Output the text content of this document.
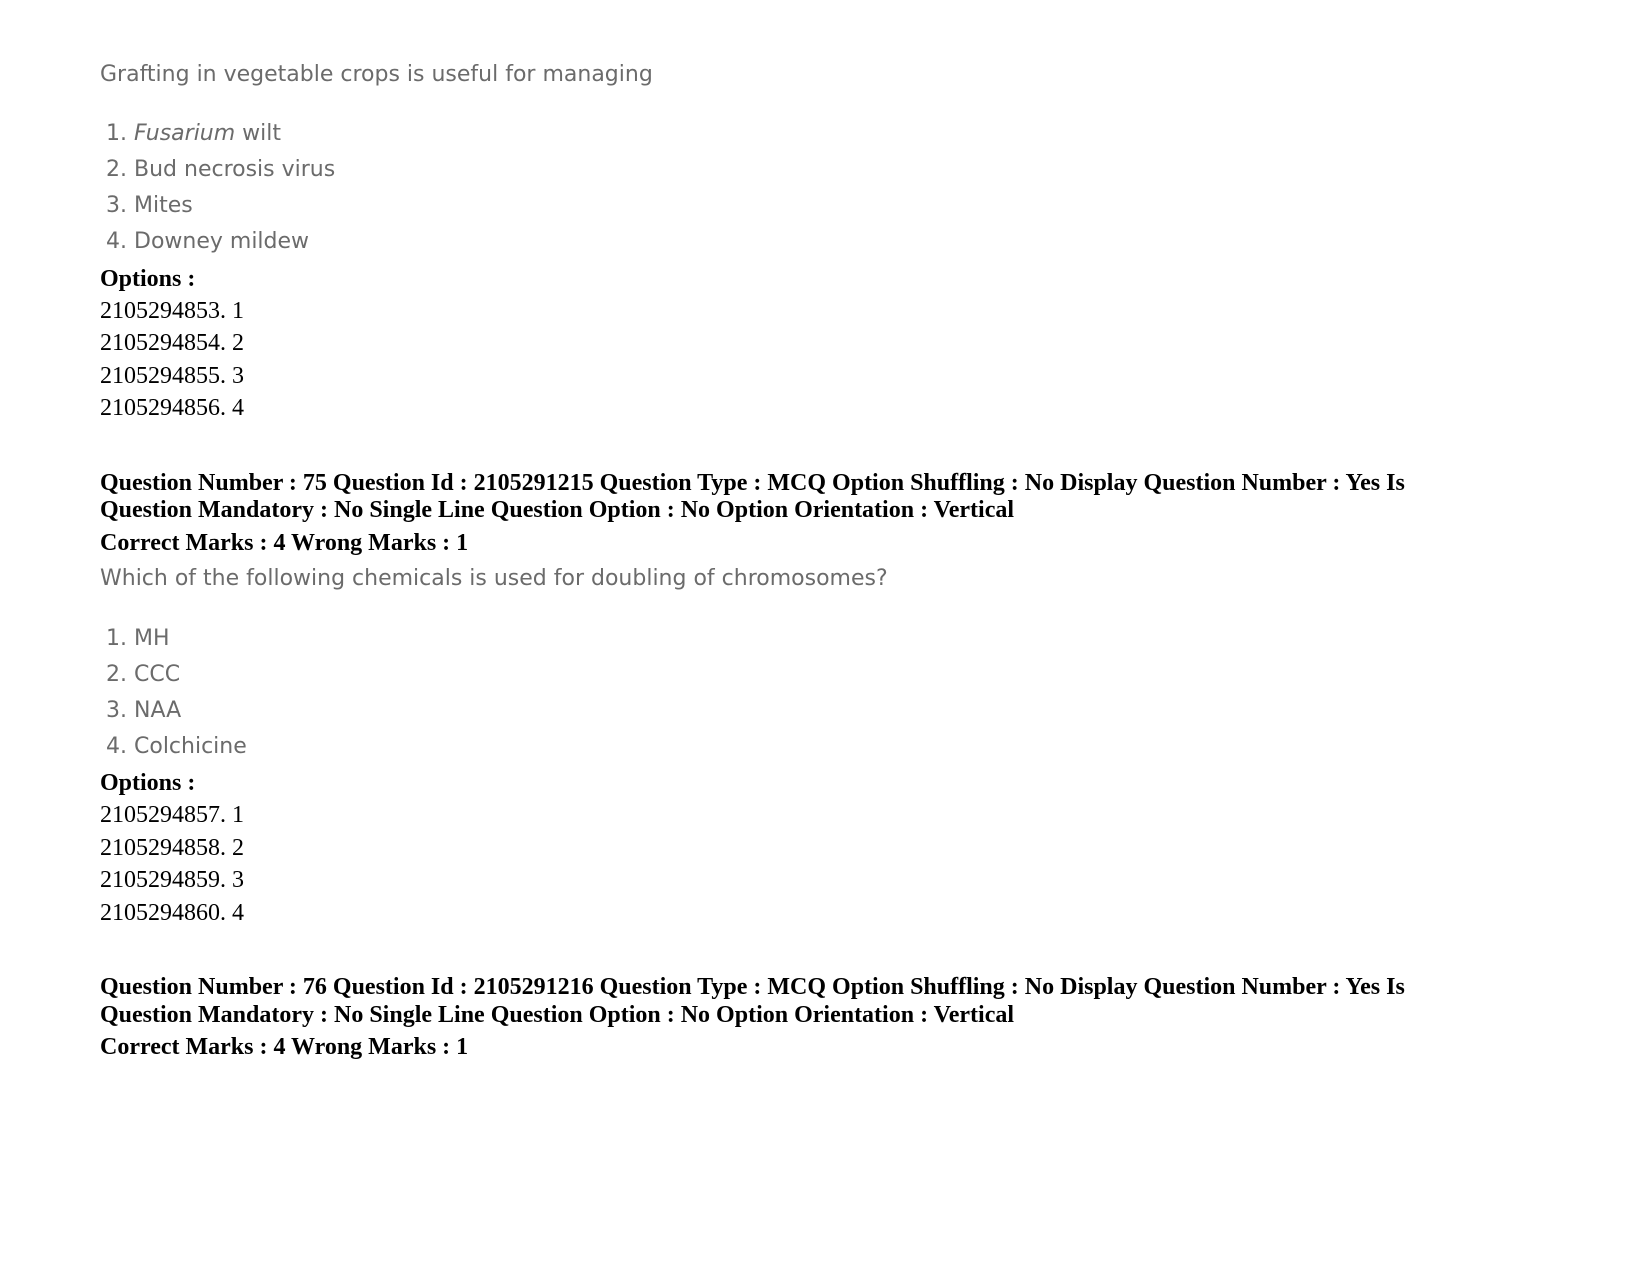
Grafting in vegetable crops is useful for managing
1. Fusarium wilt
2. Bud necrosis virus
3. Mites
4. Downey mildew
Options :
2105294853. 1
2105294854. 2
2105294855. 3
2105294856. 4
Question Number : 75 Question Id : 2105291215 Question Type : MCQ Option Shuffling : No Display Question Number : Yes Is
Question Mandatory : No Single Line Question Option : No Option Orientation : Vertical
Correct Marks : 4 Wrong Marks : 1
Which of the following chemicals is used for doubling of chromosomes?
1. MH
2. CCC
3. NAA
4. Colchicine
Options :
2105294857. 1
2105294858. 2
2105294859. 3
2105294860. 4
Question Number : 76 Question Id : 2105291216 Question Type : MCQ Option Shuffling : No Display Question Number : Yes Is
Question Mandatory : No Single Line Question Option : No Option Orientation : Vertical
Correct Marks : 4 Wrong Marks : 1
